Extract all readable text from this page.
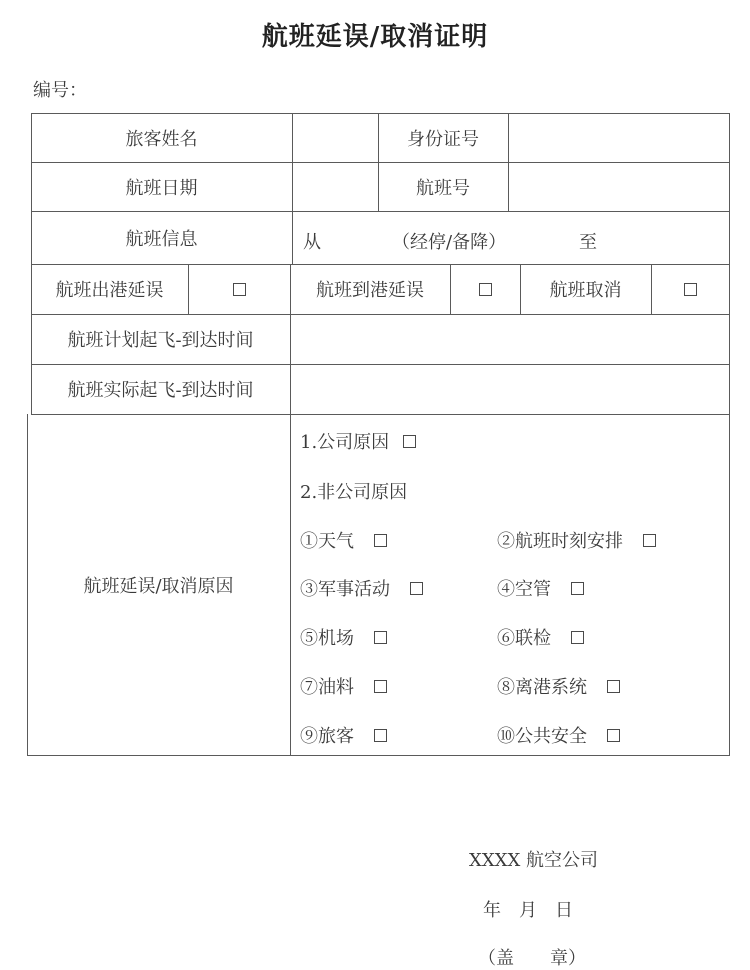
航班延误/取消证明
编号：
旅客姓名	身份证号
航班日期	航班号
航班信息	从	（经停/备降）	至
航班出港延误	航班到港延误	航班取消
航班计划起飞-到达时间
航班实际起飞-到达时间
航班延误/取消原因
1.公司原因
2.非公司原因
①天气	②航班时刻安排
③军事活动	④空管
⑤机场	⑥联检
⑦油料	⑧离港系统
⑨旅客	⑩公共安全
XXXX 航空公司
年　月　日
（盖　　章）
